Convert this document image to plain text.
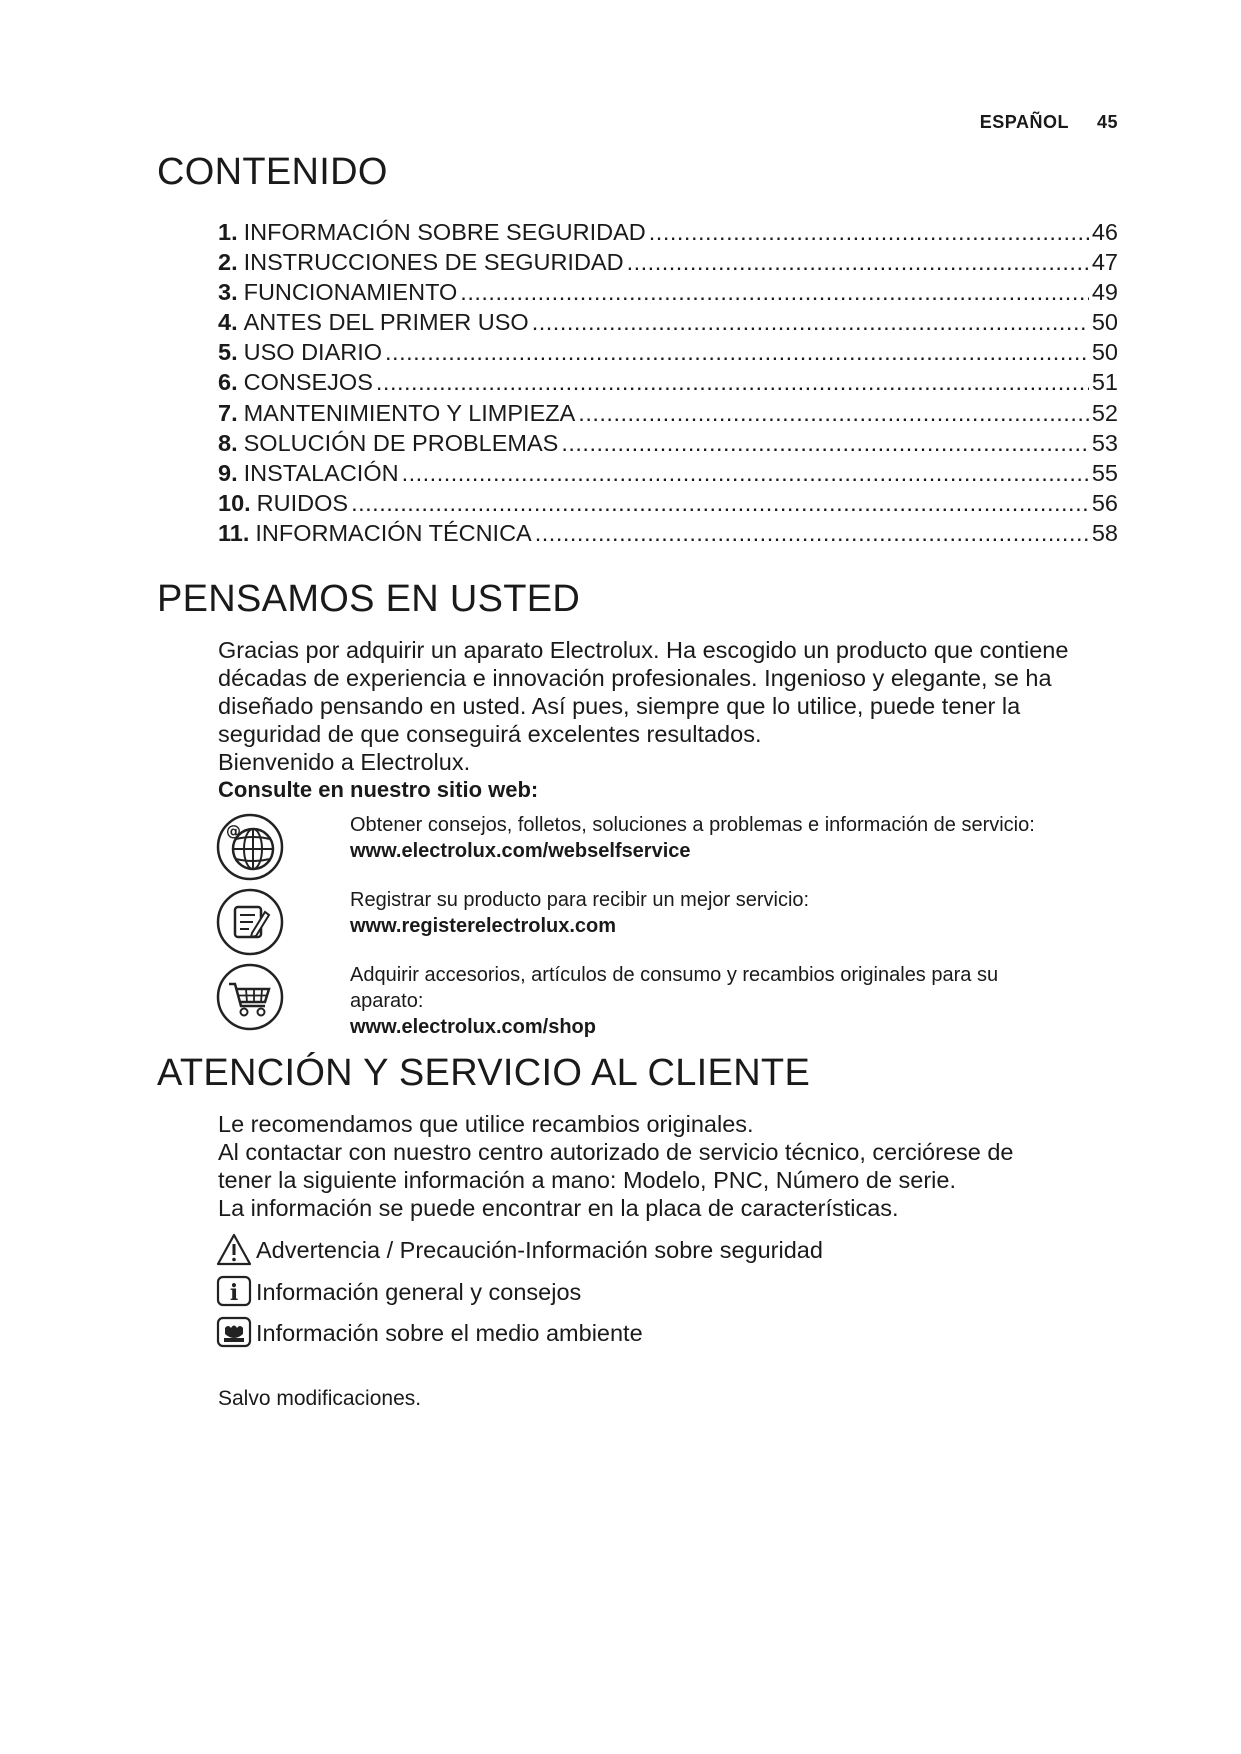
ESPAÑOL 45
CONTENIDO
1. INFORMACIÓN SOBRE SEGURIDAD .....	46
2. INSTRUCCIONES DE SEGURIDAD .....	47
3. FUNCIONAMIENTO .....	49
4. ANTES DEL PRIMER USO .....	50
5. USO DIARIO .....	50
6. CONSEJOS .....	51
7. MANTENIMIENTO Y LIMPIEZA .....	52
8. SOLUCIÓN DE PROBLEMAS .....	53
9. INSTALACIÓN .....	55
10. RUIDOS .....	56
11. INFORMACIÓN TÉCNICA .....	58
PENSAMOS EN USTED

Gracias por adquirir un aparato Electrolux. Ha escogido un producto que contiene

décadas de experiencia e innovación profesionales. Ingenioso y elegante, se ha

diseñado pensando en usted. Así pues, siempre que lo utilice, puede tener la

seguridad de que conseguirá excelentes resultados.

Bienvenido a Electrolux.

Consulte en nuestro sitio web:

@	Obtener consejos, folletos, soluciones a problemas e información de servicio:
www.electrolux.com/webselfservice
Registrar su producto para recibir un mejor servicio:
www.registerelectrolux.com
Adquirir accesorios, artículos de consumo y recambios originales para su
aparato:
www.electrolux.com/shop
ATENCIÓN Y SERVICIO AL CLIENTE

Le recomendamos que utilice recambios originales.

Al contactar con nuestro centro autorizado de servicio técnico, cerciórese de

tener la siguiente información a mano: Modelo, PNC, Número de serie.

La información se puede encontrar en la placa de características.

Advertencia / Precaución-Información sobre seguridad
i Información general y consejos
Información sobre el medio ambiente
Salvo modificaciones.
